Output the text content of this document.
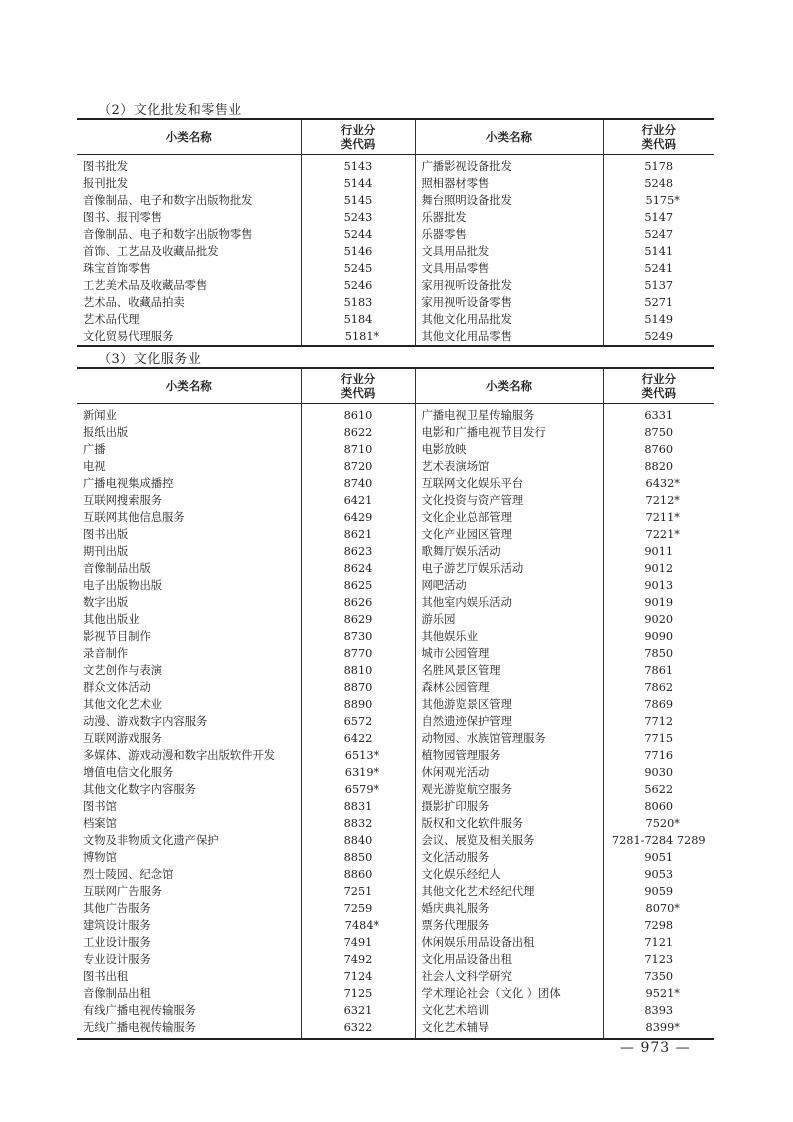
（2）文化批发和零售业
小类名称	行业分类代码	小类名称	行业分类代码

图书批发	5143	广播影视设备批发	5178
报刊批发	5144	照相器材零售	5248
音像制品、电子和数字出版物批发	5145	舞台照明设备批发	5175*
图书、报刊零售	5243	乐器批发	5147
音像制品、电子和数字出版物零售	5244	乐器零售	5247
首饰、工艺品及收藏品批发	5146	文具用品批发	5141
珠宝首饰零售	5245	文具用品零售	5241
工艺美术品及收藏品零售	5246	家用视听设备批发	5137
艺术品、收藏品拍卖	5183	家用视听设备零售	5271
艺术品代理	5184	其他文化用品批发	5149
文化贸易代理服务	5181*	其他文化用品零售	5249
（3）文化服务业
小类名称	行业分类代码	小类名称	行业分类代码

新闻业	8610	广播电视卫星传输服务	6331
报纸出版	8622	电影和广播电视节目发行	8750
广播	8710	电影放映	8760
电视	8720	艺术表演场馆	8820
广播电视集成播控	8740	互联网文化娱乐平台	6432*
互联网搜索服务	6421	文化投资与资产管理	7212*
互联网其他信息服务	6429	文化企业总部管理	7211*
图书出版	8621	文化产业园区管理	7221*
期刊出版	8623	歌舞厅娱乐活动	9011
音像制品出版	8624	电子游艺厅娱乐活动	9012
电子出版物出版	8625	网吧活动	9013
数字出版	8626	其他室内娱乐活动	9019
其他出版业	8629	游乐园	9020
影视节目制作	8730	其他娱乐业	9090
录音制作	8770	城市公园管理	7850
文艺创作与表演	8810	名胜风景区管理	7861
群众文体活动	8870	森林公园管理	7862
其他文化艺术业	8890	其他游览景区管理	7869
动漫、游戏数字内容服务	6572	自然遗迹保护管理	7712
互联网游戏服务	6422	动物园、水族馆管理服务	7715
多媒体、游戏动漫和数字出版软件开发	6513*	植物园管理服务	7716
增值电信文化服务	6319*	休闲观光活动	9030
其他文化数字内容服务	6579*	观光游览航空服务	5622
图书馆	8831	摄影扩印服务	8060
档案馆	8832	版权和文化软件服务	7520*
文物及非物质文化遗产保护	8840	会议、展览及相关服务	7281-7284 7289
博物馆	8850	文化活动服务	9051
烈士陵园、纪念馆	8860	文化娱乐经纪人	9053
互联网广告服务	7251	其他文化艺术经纪代理	9059
其他广告服务	7259	婚庆典礼服务	8070*
建筑设计服务	7484*	票务代理服务	7298
工业设计服务	7491	休闲娱乐用品设备出租	7121
专业设计服务	7492	文化用品设备出租	7123
图书出租	7124	社会人文科学研究	7350
音像制品出租	7125	学术理论社会（文化 ）团体	9521*
有线广播电视传输服务	6321	文化艺术培训	8393
无线广播电视传输服务	6322	文化艺术辅导	8399*
— 973 —
